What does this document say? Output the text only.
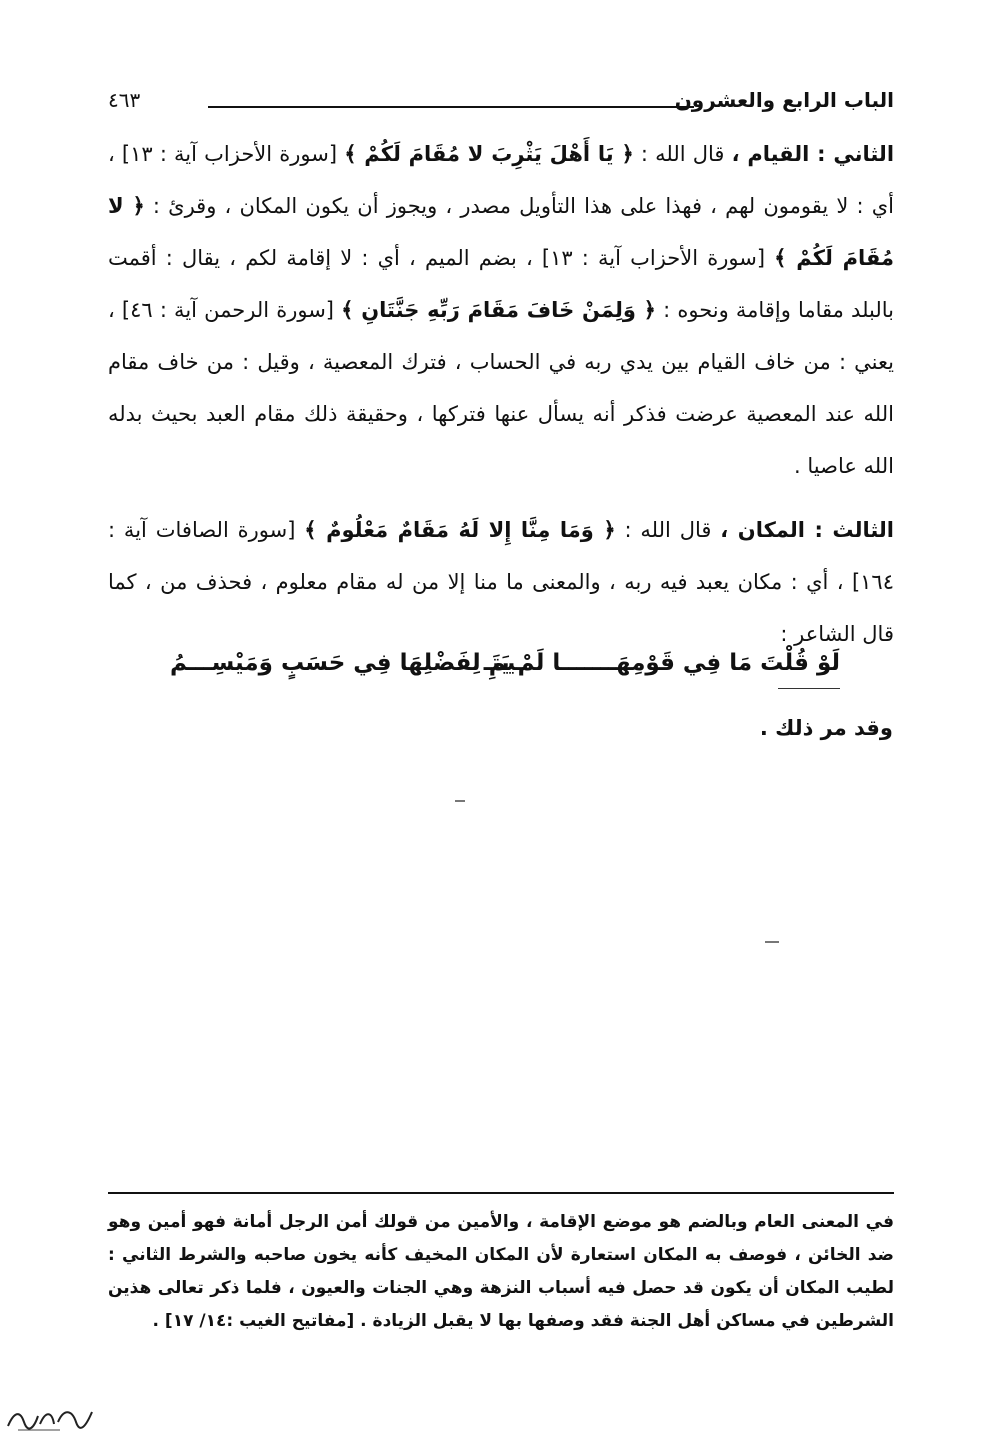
الباب الرابع والعشرون
٤٦٣

الثاني : القيام ، قال الله : ﴿ يَا أَهْلَ يَثْرِبَ لا مُقَامَ لَكُمْ ﴾ [سورة الأحزاب آية : ١٣] ، أي : لا يقومون لهم ، فهذا على هذا التأويل مصدر ، ويجوز أن يكون المكان ، وقرئ : ﴿ لا مُقَامَ لَكُمْ ﴾ [سورة الأحزاب آية : ١٣] ، بضم الميم ، أي : لا إقامة لكم ، يقال : أقمت بالبلد مقاما وإقامة ونحوه : ﴿ وَلِمَنْ خَافَ مَقَامَ رَبِّهِ جَنَّتَانِ ﴾ [سورة الرحمن آية : ٤٦] ، يعني : من خاف القيام بين يدي ربه في الحساب ، فترك المعصية ، وقيل : من خاف مقام الله عند المعصية عرضت فذكر أنه يسأل عنها فتركها ، وحقيقة ذلك مقام العبد بحيث بدله الله عاصيا .

الثالث : المكان ، قال الله : ﴿ وَمَا مِنَّا إِلا لَهُ مَقَامٌ مَعْلُومٌ ﴾ [سورة الصافات آية : ١٦٤] ، أي : مكان يعبد فيه ربه ، والمعنى ما منا إلا من له مقام معلوم ، فحذف من ، كما قال الشاعر :

لَوْ قُلْتَ مَا فِي قَوْمِهَـــــــا لَمْ يَتَـ
ـيمِ لِفَضْلِهَا فِي حَسَبٍ وَمَيْسِـــمُ
وقد مر ذلك .
في المعنى العام وبالضم هو موضع الإقامة ، والأمين من قولك أمن الرجل أمانة فهو أمين وهو ضد الخائن ، فوصف به المكان استعارة لأن المكان المخيف كأنه يخون صاحبه والشرط الثاني : لطيب المكان أن يكون قد حصل فيه أسباب النزهة وهي الجنات والعيون ، فلما ذكر تعالى هذين الشرطين في مساكن أهل الجنة فقد وصفها بها لا يقبل الزيادة . [مفاتيح الغيب :١٤/ ١٧] .
